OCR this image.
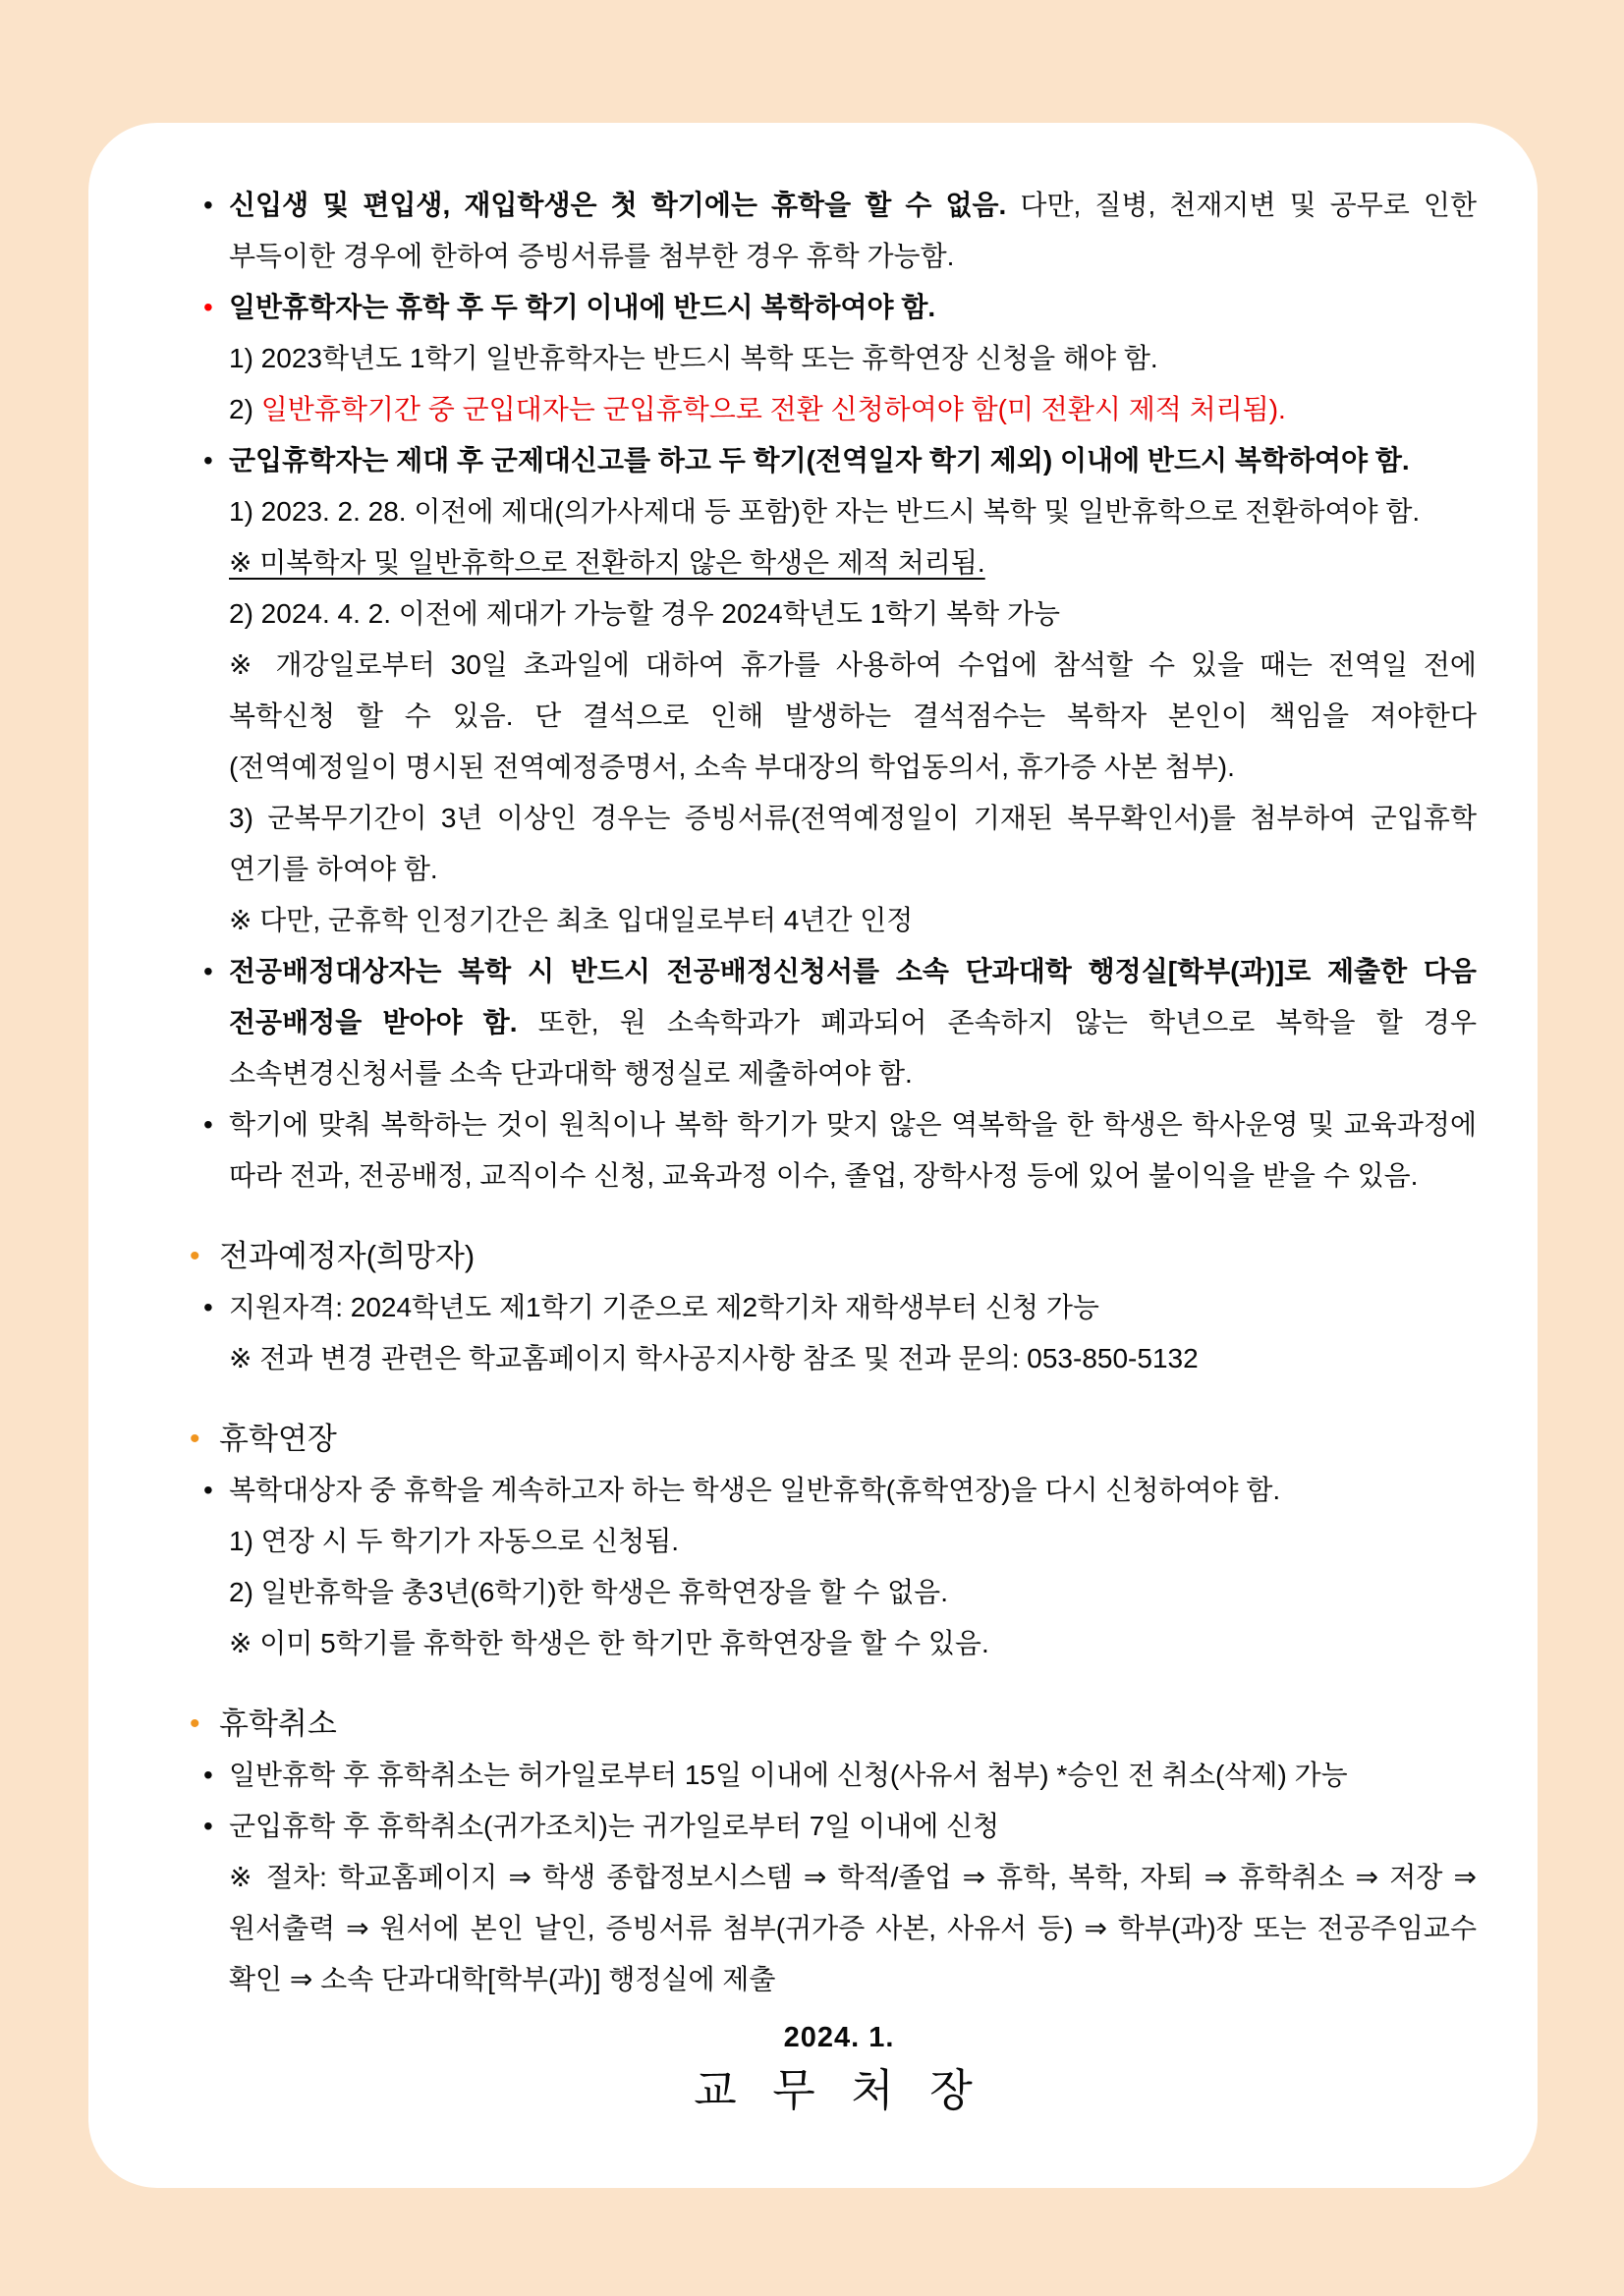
• 신입생 및 편입생, 재입학생은 첫 학기에는 휴학을 할 수 없음. 다만, 질병, 천재지변 및 공무로 인한 부득이한 경우에 한하여 증빙서류를 첨부한 경우 휴학 가능함.
• 일반휴학자는 휴학 후 두 학기 이내에 반드시 복학하여야 함.
1) 2023학년도 1학기 일반휴학자는 반드시 복학 또는 휴학연장 신청을 해야 함.
2) 일반휴학기간 중 군입대자는 군입휴학으로 전환 신청하여야 함(미 전환시 제적 처리됨).
• 군입휴학자는 제대 후 군제대신고를 하고 두 학기(전역일자 학기 제외) 이내에 반드시 복학하여야 함.
1) 2023. 2. 28. 이전에 제대(의가사제대 등 포함)한 자는 반드시 복학 및 일반휴학으로 전환하여야 함.
※ 미복학자 및 일반휴학으로 전환하지 않은 학생은 제적 처리됨.
2) 2024. 4. 2. 이전에 제대가 가능할 경우 2024학년도 1학기 복학 가능
※ 개강일로부터 30일 초과일에 대하여 휴가를 사용하여 수업에 참석할 수 있을 때는 전역일 전에 복학신청 할 수 있음. 단 결석으로 인해 발생하는 결석점수는 복학자 본인이 책임을 져야한다(전역예정일이 명시된 전역예정증명서, 소속 부대장의 학업동의서, 휴가증 사본 첨부).
3) 군복무기간이 3년 이상인 경우는 증빙서류(전역예정일이 기재된 복무확인서)를 첨부하여 군입휴학 연기를 하여야 함.
※ 다만, 군휴학 인정기간은 최초 입대일로부터 4년간 인정
• 전공배정대상자는 복학 시 반드시 전공배정신청서를 소속 단과대학 행정실[학부(과)]로 제출한 다음 전공배정을 받아야 함. 또한, 원 소속학과가 폐과되어 존속하지 않는 학년으로 복학을 할 경우 소속변경신청서를 소속 단과대학 행정실로 제출하여야 함.
• 학기에 맞춰 복학하는 것이 원칙이나 복학 학기가 맞지 않은 역복학을 한 학생은 학사운영 및 교육과정에 따라 전과, 전공배정, 교직이수 신청, 교육과정 이수, 졸업, 장학사정 등에 있어 불이익을 받을 수 있음.
• 전과예정자(희망자)
• 지원자격: 2024학년도 제1학기 기준으로 제2학기차 재학생부터 신청 가능
※ 전과 변경 관련은 학교홈페이지 학사공지사항 참조 및 전과 문의: 053-850-5132
• 휴학연장
• 복학대상자 중 휴학을 계속하고자 하는 학생은 일반휴학(휴학연장)을 다시 신청하여야 함.
1) 연장 시 두 학기가 자동으로 신청됨.
2) 일반휴학을 총3년(6학기)한 학생은 휴학연장을 할 수 없음.
※ 이미 5학기를 휴학한 학생은 한 학기만 휴학연장을 할 수 있음.
• 휴학취소
• 일반휴학 후 휴학취소는 허가일로부터 15일 이내에 신청(사유서 첨부) *승인 전 취소(삭제) 가능
• 군입휴학 후 휴학취소(귀가조치)는 귀가일로부터 7일 이내에 신청
※ 절차: 학교홈페이지 ⇒ 학생 종합정보시스템 ⇒ 학적/졸업 ⇒ 휴학, 복학, 자퇴 ⇒ 휴학취소 ⇒ 저장 ⇒ 원서출력 ⇒ 원서에 본인 날인, 증빙서류 첨부(귀가증 사본, 사유서 등) ⇒ 학부(과)장 또는 전공주임교수 확인 ⇒ 소속 단과대학[학부(과)] 행정실에 제출
2024. 1.
교 무 처 장
